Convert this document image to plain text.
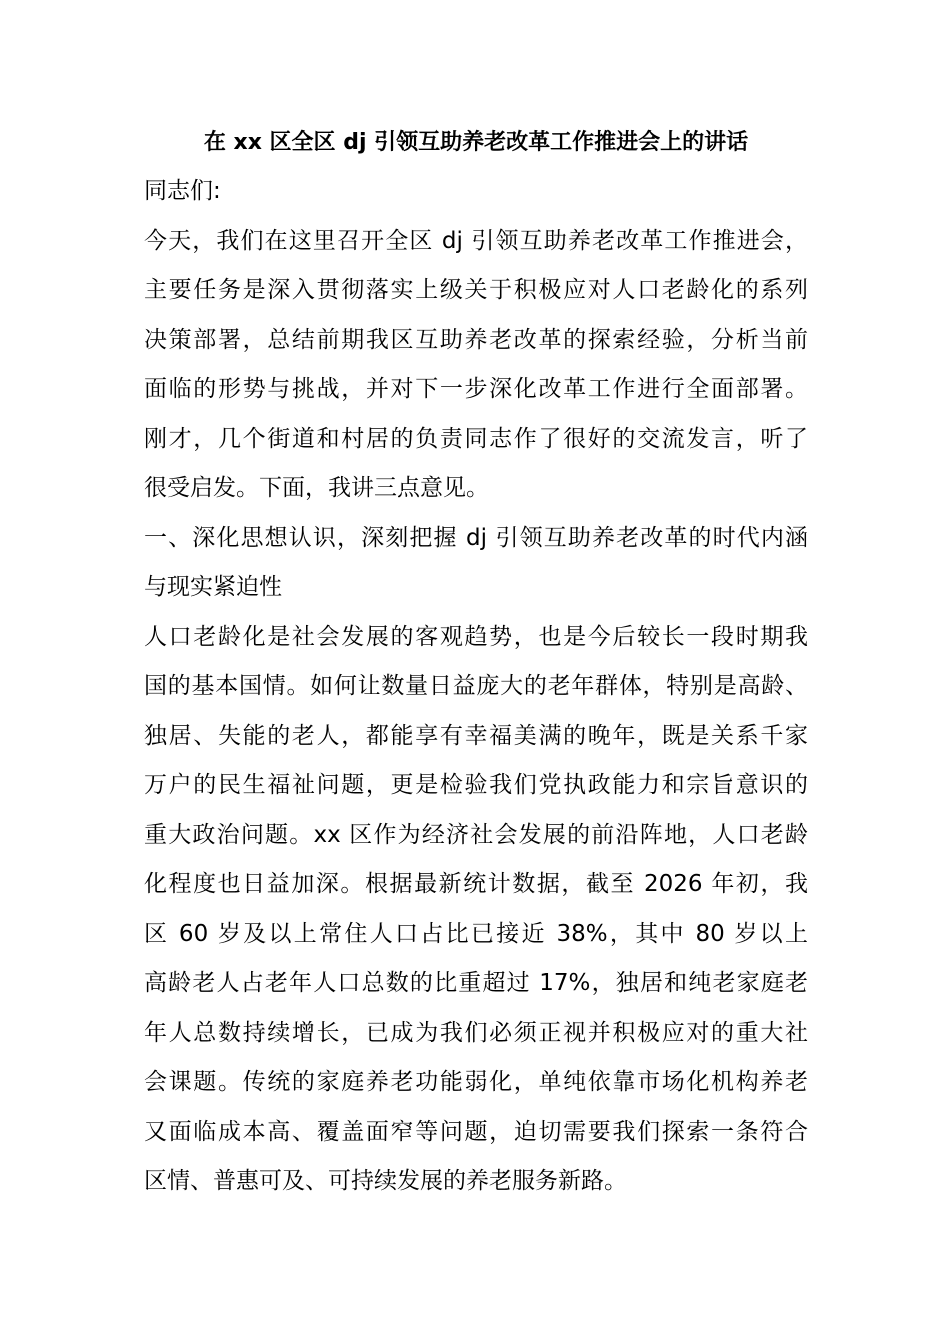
在 xx 区全区 dj 引领互助养老改革工作推进会上的讲话
同志们:
今天，我们在这里召开全区 dj 引领互助养老改革工作推进会，
主要任务是深入贯彻落实上级关于积极应对人口老龄化的系列
决策部署，总结前期我区互助养老改革的探索经验，分析当前
面临的形势与挑战，并对下一步深化改革工作进行全面部署。
刚才，几个街道和村居的负责同志作了很好的交流发言，听了
很受启发。下面，我讲三点意见。
一、深化思想认识，深刻把握 dj 引领互助养老改革的时代内涵
与现实紧迫性
人口老龄化是社会发展的客观趋势，也是今后较长一段时期我
国的基本国情。如何让数量日益庞大的老年群体，特别是高龄、
独居、失能的老人，都能享有幸福美满的晚年，既是关系千家
万户的民生福祉问题，更是检验我们党执政能力和宗旨意识的
重大政治问题。xx 区作为经济社会发展的前沿阵地，人口老龄
化程度也日益加深。根据最新统计数据，截至 2026 年初，我
区 60 岁及以上常住人口占比已接近 38%，其中 80 岁以上
高龄老人占老年人口总数的比重超过 17%，独居和纯老家庭老
年人总数持续增长，已成为我们必须正视并积极应对的重大社
会课题。传统的家庭养老功能弱化，单纯依靠市场化机构养老
又面临成本高、覆盖面窄等问题，迫切需要我们探索一条符合
区情、普惠可及、可持续发展的养老服务新路。
